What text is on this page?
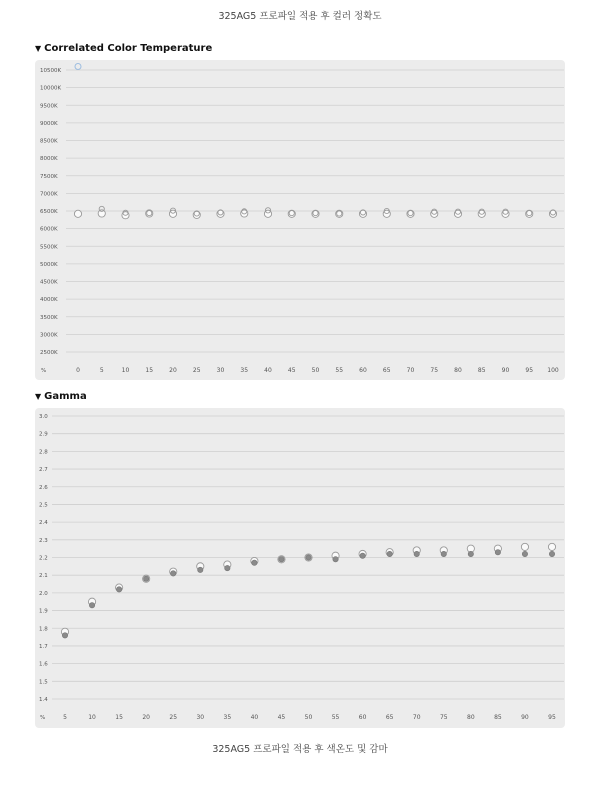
325AG5 프로파일 적용 후 컬러 정확도
▼ Correlated Color Temperature
10500K
10000K
9500K
9000K
8500K
8000K
7500K
7000K
6500K
6000K
5500K
5000K
4500K
4000K
3500K
3000K
2500K
%	0	5	10	15	20	25	30	35	40	45	50	55	60	65	70	75	80	85	90	95 100
▼ Gamma
3.0
2.9
2.8
2.7
2.6
2.5
2.4
2.3
2.2
2.1
2.0
1.9
1.8
1.7
1.6
1.5
1.4
%	5	10	15	20	25	30	35	40	45	50	55	60	65	70	75	80	85	90	95
325AG5 프로파일 적용 후 색온도 및 감마
